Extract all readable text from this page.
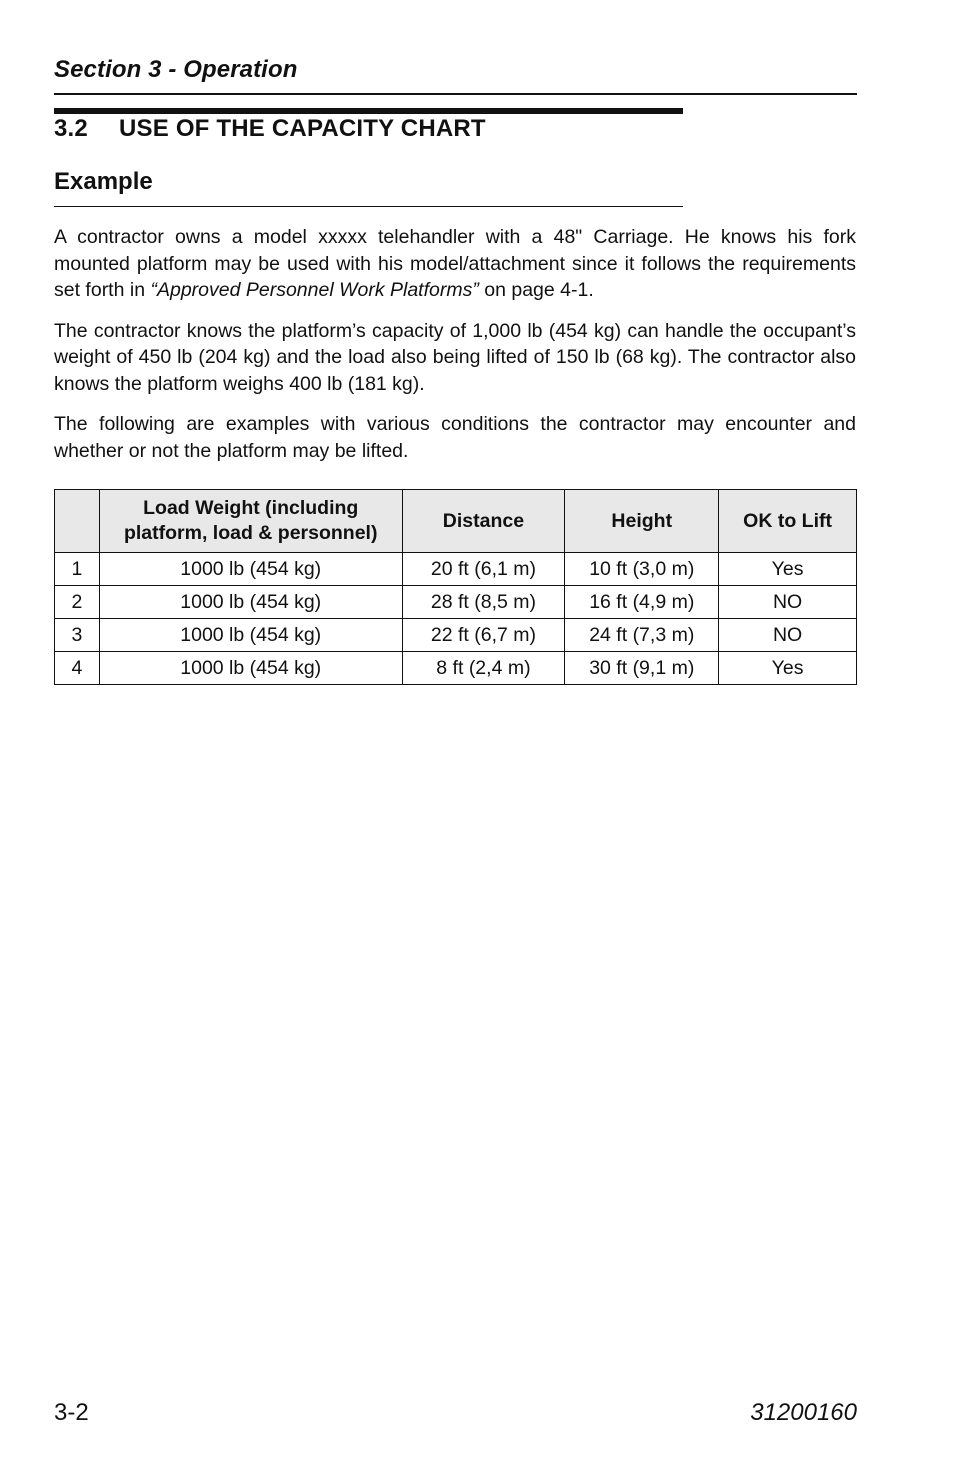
Section 3 - Operation
3.2	USE OF THE CAPACITY CHART
Example

A contractor owns a model xxxxx telehandler with a 48" Carriage. He knows his fork mounted platform may be used with his model/attachment since it follows the requirements set forth in “Approved Personnel Work Platforms” on page 4-1.

The contractor knows the platform’s capacity of 1,000 lb (454 kg) can handle the occupant’s weight of 450 lb (204 kg) and the load also being lifted of 150 lb (68 kg). The contractor also knows the platform weighs 400 lb (181 kg).

The following are examples with various conditions the contractor may encounter and whether or not the platform may be lifted.

	Load Weight (including
platform, load & personnel)	Distance	Height	OK to Lift
1	1000 lb (454 kg)	20 ft (6,1 m)	10 ft (3,0 m)	Yes
2	1000 lb (454 kg)	28 ft (8,5 m)	16 ft (4,9 m)	NO
3	1000 lb (454 kg)	22 ft (6,7 m)	24 ft (7,3 m)	NO
4	1000 lb (454 kg)	8 ft (2,4 m)	30 ft (9,1 m)	Yes
3-2	31200160
